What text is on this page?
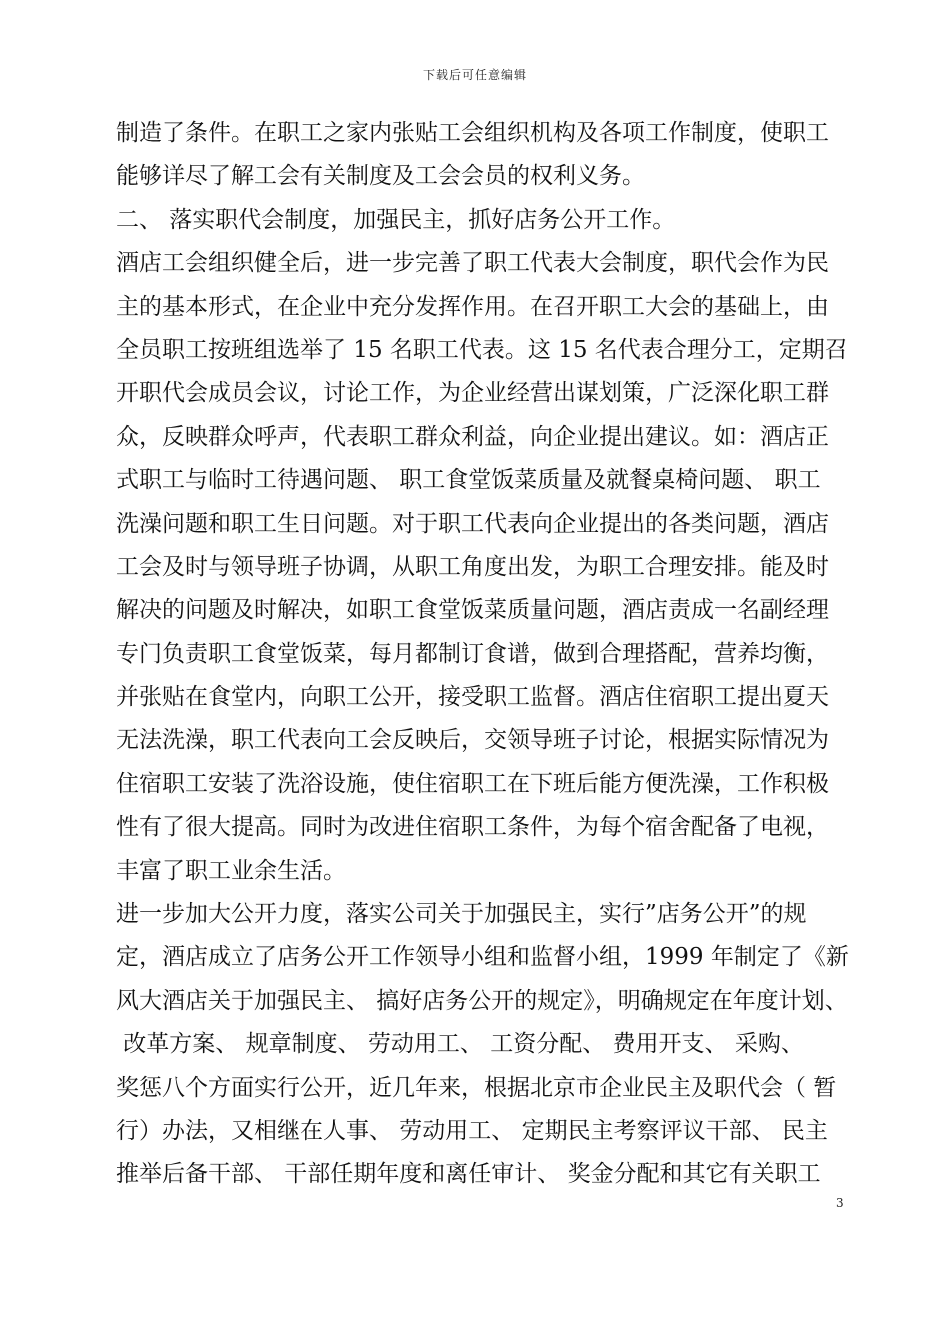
下载后可任意编辑
制造了条件。在职工之家内张贴工会组织机构及各项工作制度，使职工
能够详尽了解工会有关制度及工会会员的权利义务。
二、 落实职代会制度，加强民主，抓好店务公开工作。
酒店工会组织健全后，进一步完善了职工代表大会制度，职代会作为民
主的基本形式，在企业中充分发挥作用。在召开职工大会的基础上，由
全员职工按班组选举了 15 名职工代表。这 15 名代表合理分工，定期召
开职代会成员会议，讨论工作，为企业经营出谋划策，广泛深化职工群
众，反映群众呼声，代表职工群众利益，向企业提出建议。如：酒店正
式职工与临时工待遇问题、 职工食堂饭菜质量及就餐桌椅问题、 职工
洗澡问题和职工生日问题。对于职工代表向企业提出的各类问题，酒店
工会及时与领导班子协调，从职工角度出发，为职工合理安排。能及时
解决的问题及时解决，如职工食堂饭菜质量问题，酒店责成一名副经理
专门负责职工食堂饭菜，每月都制订食谱，做到合理搭配，营养均衡，
并张贴在食堂内，向职工公开，接受职工监督。酒店住宿职工提出夏天
无法洗澡，职工代表向工会反映后，交领导班子讨论，根据实际情况为
住宿职工安装了洗浴设施，使住宿职工在下班后能方便洗澡，工作积极
性有了很大提高。同时为改进住宿职工条件，为每个宿舍配备了电视，
丰富了职工业余生活。
进一步加大公开力度，落实公司关于加强民主，实行”店务公开”的规
定，酒店成立了店务公开工作领导小组和监督小组，1999 年制定了《新
风大酒店关于加强民主、 搞好店务公开的规定》，明确规定在年度计划、
改革方案、 规章制度、 劳动用工、 工资分配、 费用开支、 采购、
奖惩八个方面实行公开，近几年来，根据北京市企业民主及职代会（ 暂
行）办法，又相继在人事、 劳动用工、 定期民主考察评议干部、 民主
推举后备干部、 干部任期年度和离任审计、 奖金分配和其它有关职工
3
